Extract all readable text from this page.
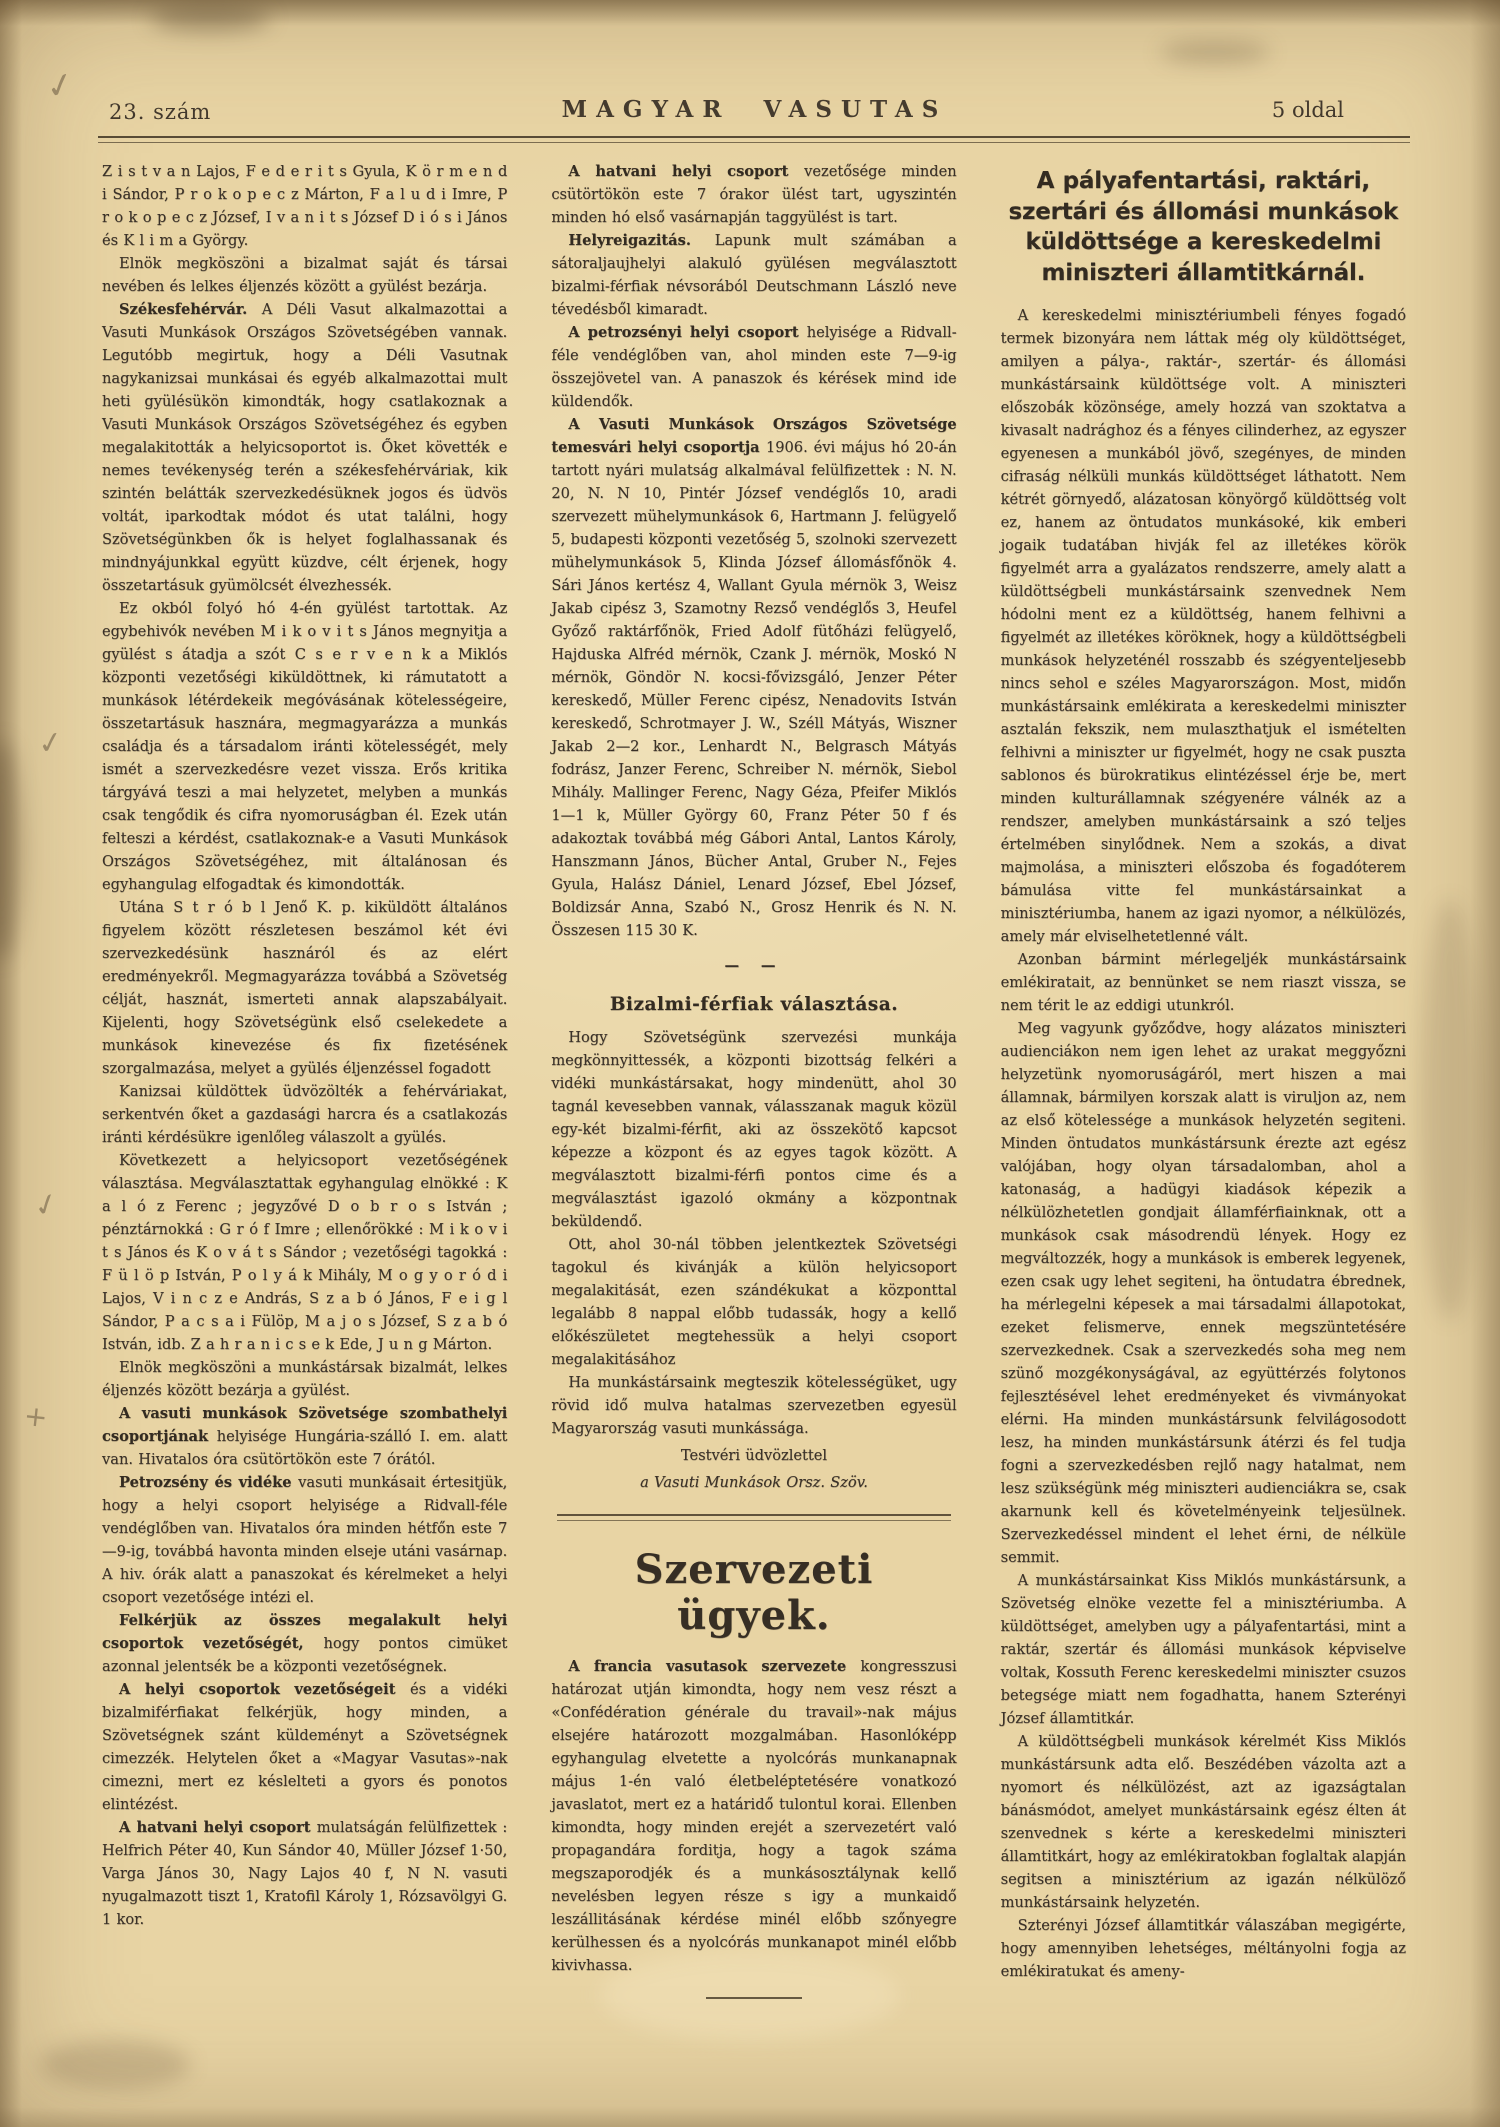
23. szám	MAGYAR VASUTAS	5 oldal

Z i s t v a n Lajos, F e d e r i t s Gyula, K ö r m e n d i Sándor, P r o k o p e c z Márton, F a l u d i Imre, P r o k o p e c z József, I v a n i t s József D i ó s i János és K l i m a György.

Elnök megköszöni a bizalmat saját és társai nevében és lelkes éljenzés között a gyülést bezárja.

Székesfehérvár. A Déli Vasut alkalmazottai a Vasuti Munkások Országos Szövetségében vannak. Legutóbb megirtuk, hogy a Déli Vasutnak nagykanizsai munkásai és egyéb alkalmazottai mult heti gyülésükön kimondták, hogy csatlakoznak a Vasuti Munkások Országos Szövetségéhez és egyben megalakitották a helyicsoportot is. Őket követték e nemes tevékenység terén a székesfehérváriak, kik szintén belátták szervezkedésüknek jogos és üdvös voltát, iparkodtak módot és utat találni, hogy Szövetségünkben ők is helyet foglalhassanak és mindnyájunkkal együtt küzdve, célt érjenek, hogy összetartásuk gyümölcsét élvezhessék.

Ez okból folyó hó 4-én gyülést tartottak. Az egybehivók nevében M i k o v i t s János megnyitja a gyülést s átadja a szót C s e r v e n k a Miklós központi vezetőségi kiküldöttnek, ki rámutatott a munkások létérdekeik megóvásának kötelességeire, összetartásuk hasznára, megmagyarázza a munkás családja és a társadalom iránti kötelességét, mely ismét a szervezkedésre vezet vissza. Erős kritika tárgyává teszi a mai helyzetet, melyben a munkás csak tengődik és cifra nyomoruságban él. Ezek után felteszi a kérdést, csatlakoznak-e a Vasuti Munkások Országos Szövetségéhez, mit általánosan és egyhangulag elfogadtak és kimondották.

Utána S t r ó b l Jenő K. p. kiküldött általános figyelem között részletesen beszámol két évi szervezkedésünk hasznáról és az elért eredményekről. Megmagyarázza továbbá a Szövetség célját, hasznát, ismerteti annak alapszabályait. Kijelenti, hogy Szövetségünk első cselekedete a munkások kinevezése és fix fizetésének szorgalmazása, melyet a gyülés éljenzéssel fogadott

Kanizsai küldöttek üdvözölték a fehérváriakat, serkentvén őket a gazdasági harcra és a csatlakozás iránti kérdésükre igenlőleg válaszolt a gyülés.

Következett a helyicsoport vezetőségének választása. Megválasztattak egyhangulag elnökké : K a l ó z Ferenc ; jegyzővé D o b r o s István ; pénztárnokká : G r ó f Imre ; ellenőrökké : M i k o v i t s János és K o v á t s Sándor ; vezetőségi tagokká : F ü l ö p István, P o l y á k Mihály, M o g y o r ó d i Lajos, V i n c z e András, S z a b ó János, F e i g l Sándor, P a c s a i Fülöp, M a j o s József, S z a b ó István, idb. Z a h r a n i c s e k Ede, J u n g Márton.

Elnök megköszöni a munkástársak bizalmát, lelkes éljenzés között bezárja a gyülést.

A vasuti munkások Szövetsége szombathelyi csoportjának helyisége Hungária-szálló I. em. alatt van. Hivatalos óra csütörtökön este 7 órától.

Petrozsény és vidéke vasuti munkásait értesitjük, hogy a helyi csoport helyisége a Ridvall-féle vendéglőben van. Hivatalos óra minden hétfőn este 7—9-ig, továbbá havonta minden elseje utáni vasárnap. A hiv. órák alatt a panaszokat és kérelmeket a helyi csoport vezetősége intézi el.

Felkérjük az összes megalakult helyi csoportok vezetőségét, hogy pontos cimüket azonnal jelentsék be a központi vezetőségnek.

A helyi csoportok vezetőségeit és a vidéki bizalmiférfiakat felkérjük, hogy minden, a Szövetségnek szánt küldeményt a Szövetségnek cimezzék. Helytelen őket a «Magyar Vasutas»-nak cimezni, mert ez késlelteti a gyors és ponotos elintézést.

A hatvani helyi csoport mulatságán felülfizettek : Helfrich Péter 40, Kun Sándor 40, Müller József 1·50, Varga János 30, Nagy Lajos 40 f, N N. vasuti nyugalmazott tiszt 1, Kratofil Károly 1, Rózsavölgyi G. 1 kor.

A hatvani helyi csoport vezetősége minden csütörtökön este 7 órakor ülést tart, ugyszintén minden hó első vasárnapján taggyülést is tart.

Helyreigazitás. Lapunk mult számában a sátoraljaujhelyi alakuló gyülésen megválasztott bizalmi-férfiak névsorából Deutschmann László neve tévedésből kimaradt.

A petrozsényi helyi csoport helyisége a Ridvall-féle vendéglőben van, ahol minden este 7—9-ig összejövetel van. A panaszok és kérések mind ide küldendők.

A Vasuti Munkások Országos Szövetsége temesvári helyi csoportja 1906. évi május hó 20-án tartott nyári mulatság alkalmával felülfizettek : N. N. 20, N. N 10, Pintér József vendéglős 10, aradi szervezett mühelymunkások 6, Hartmann J. felügyelő 5, budapesti központi vezetőség 5, szolnoki szervezett mühelymunkások 5, Klinda József állomásfőnök 4. Sári János kertész 4, Wallant Gyula mérnök 3, Weisz Jakab cipész 3, Szamotny Rezső vendéglős 3, Heufel Győző raktárfőnök, Fried Adolf fütőházi felügyelő, Hajduska Alfréd mérnök, Czank J. mérnök, Moskó N mérnök, Göndör N. kocsi-fővizsgáló, Jenzer Péter kereskedő, Müller Ferenc cipész, Nenadovits István kereskedő, Schrotmayer J. W., Széll Mátyás, Wiszner Jakab 2—2 kor., Lenhardt N., Belgrasch Mátyás fodrász, Janzer Ferenc, Schreiber N. mérnök, Siebol Mihály. Mallinger Ferenc, Nagy Géza, Pfeifer Miklós 1—1 k, Müller György 60, Franz Péter 50 f és adakoztak továbbá még Gábori Antal, Lantos Károly, Hanszmann János, Bücher Antal, Gruber N., Fejes Gyula, Halász Dániel, Lenard József, Ebel József, Boldizsár Anna, Szabó N., Grosz Henrik és N. N. Összesen 115 30 K.

— —
Bizalmi-férfiak választása.

Hogy Szövetségünk szervezési munkája megkönnyittessék, a központi bizottság felkéri a vidéki munkástársakat, hogy mindenütt, ahol 30 tagnál kevesebben vannak, válasszanak maguk közül egy-két bizalmi-férfit, aki az összekötő kapcsot képezze a központ és az egyes tagok között. A megválasztott bizalmi-férfi pontos cime és a megválasztást igazoló okmány a központnak beküldendő.

Ott, ahol 30-nál többen jelentkeztek Szövetségi tagokul és kivánják a külön helyicsoport megalakitását, ezen szándékukat a központtal legalább 8 nappal előbb tudassák, hogy a kellő előkészületet megtehessük a helyi csoport megalakitásához

Ha munkástársaink megteszik kötelességüket, ugy rövid idő mulva hatalmas szervezetben egyesül Magyarország vasuti munkássága.

Testvéri üdvözlettel
a Vasuti Munkások Orsz. Szöv.
Szervezeti ügyek.

A francia vasutasok szervezete kongresszusi határozat utján kimondta, hogy nem vesz részt a «Confédération générale du travail»-nak május elsejére határozott mozgalmában. Hasonlóképp egyhangulag elvetette a nyolcórás munkanapnak május 1-én való életbeléptetésére vonatkozó javaslatot, mert ez a határidő tulontul korai. Ellenben kimondta, hogy minden erejét a szervezetért való propagandára forditja, hogy a tagok száma megszaporodjék és a munkásosztálynak kellő nevelésben legyen része s igy a munkaidő leszállitásának kérdése minél előbb szőnyegre kerülhessen és a nyolcórás munkanapot minél előbb kivivhassa.

A pályafentartási, raktári, szertári és állomási munkások küldöttsége a kereskedelmi miniszteri államtitkárnál.

A kereskedelmi minisztériumbeli fényes fogadó termek bizonyára nem láttak még oly küldöttséget, amilyen a pálya-, raktár-, szertár- és állomási munkástársaink küldöttsége volt. A miniszteri előszobák közönsége, amely hozzá van szoktatva a kivasalt nadrághoz és a fényes cilinderhez, az egyszer egyenesen a munkából jövő, szegényes, de minden cifraság nélküli munkás küldöttséget láthatott. Nem kétrét görnyedő, alázatosan könyörgő küldöttség volt ez, hanem az öntudatos munkásoké, kik emberi jogaik tudatában hivják fel az illetékes körök figyelmét arra a gyalázatos rendszerre, amely alatt a küldöttségbeli munkástársaink szenvednek Nem hódolni ment ez a küldöttség, hanem felhivni a figyelmét az illetékes köröknek, hogy a küldöttségbeli munkások helyzeténél rosszabb és szégyenteljesebb nincs sehol e széles Magyarországon. Most, midőn munkástársaink emlékirata a kereskedelmi miniszter asztalán fekszik, nem mulaszthatjuk el ismételten felhivni a miniszter ur figyelmét, hogy ne csak puszta sablonos és bürokratikus elintézéssel érje be, mert minden kulturállamnak szégyenére válnék az a rendszer, amelyben munkástársaink a szó teljes értelmében sinylődnek. Nem a szokás, a divat majmolása, a miniszteri előszoba és fogadóterem bámulása vitte fel munkástársainkat a minisztériumba, hanem az igazi nyomor, a nélkülözés, amely már elviselhetetlenné vált.

Azonban bármint mérlegeljék munkástársaink emlékiratait, az bennünket se nem riaszt vissza, se nem térit le az eddigi utunkról.

Meg vagyunk győződve, hogy alázatos miniszteri audienciákon nem igen lehet az urakat meggyőzni helyzetünk nyomoruságáról, mert hiszen a mai államnak, bármilyen korszak alatt is viruljon az, nem az első kötelessége a munkások helyzetén segiteni. Minden öntudatos munkástársunk érezte azt egész valójában, hogy olyan társadalomban, ahol a katonaság, a hadügyi kiadások képezik a nélkülözhetetlen gondjait államférfiainknak, ott a munkások csak másodrendü lények. Hogy ez megváltozzék, hogy a munkások is emberek legyenek, ezen csak ugy lehet segiteni, ha öntudatra ébrednek, ha mérlegelni képesek a mai társadalmi állapotokat, ezeket felismerve, ennek megszüntetésére szervezkednek. Csak a szervezkedés soha meg nem szünő mozgékonyságával, az együttérzés folytonos fejlesztésével lehet eredményeket és vivmányokat elérni. Ha minden munkástársunk felvilágosodott lesz, ha minden munkástársunk átérzi és fel tudja fogni a szervezkedésben rejlő nagy hatalmat, nem lesz szükségünk még miniszteri audienciákra se, csak akarnunk kell és követelményeink teljesülnek. Szervezkedéssel mindent el lehet érni, de nélküle semmit.

A munkástársainkat Kiss Miklós munkástársunk, a Szövetség elnöke vezette fel a minisztériumba. A küldöttséget, amelyben ugy a pályafentartási, mint a raktár, szertár és állomási munkások képviselve voltak, Kossuth Ferenc kereskedelmi miniszter csuzos betegsége miatt nem fogadhatta, hanem Szterényi József államtitkár.

A küldöttségbeli munkások kérelmét Kiss Miklós munkástársunk adta elő. Beszédében vázolta azt a nyomort és nélkülözést, azt az igazságtalan bánásmódot, amelyet munkástársaink egész élten át szenvednek s kérte a kereskedelmi miniszteri államtitkárt, hogy az emlékiratokban foglaltak alapján segitsen a minisztérium az igazán nélkülöző munkástársaink helyzetén.

Szterényi József államtitkár válaszában megigérte, hogy amennyiben lehetséges, méltányolni fogja az emlékiratukat és ameny-

✓
✓
✓
+
